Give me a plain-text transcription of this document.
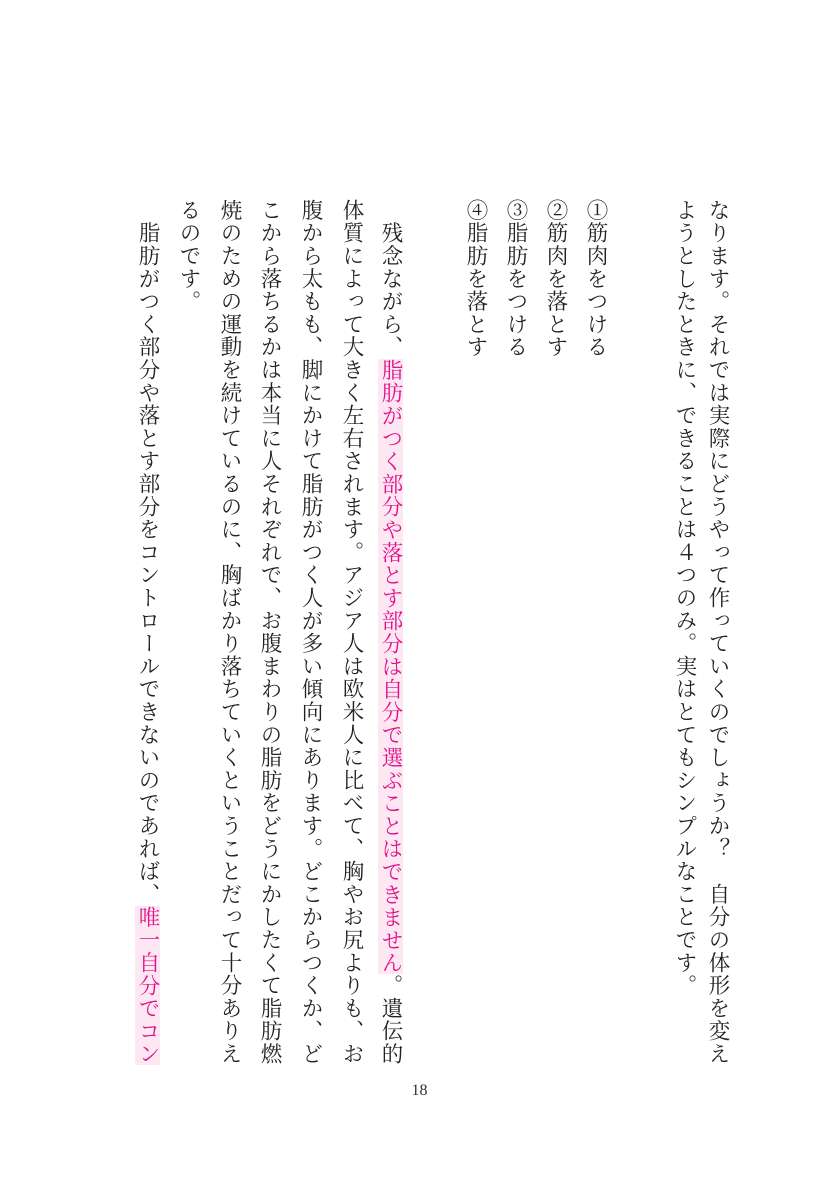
なります。それでは実際にどうやって作っていくのでしょうか？　自分の体形を変え
ようとしたときに、できることは４つのみ。実はとてもシンプルなことです。
①筋肉をつける
②筋肉を落とす
③脂肪をつける
④脂肪を落とす
　残念ながら、脂肪がつく部分や落とす部分は自分で選ぶことはできません。遺伝的
体質によって大きく左右されます。アジア人は欧米人に比べて、胸やお尻よりも、お
腹から太もも、脚にかけて脂肪がつく人が多い傾向にあります。どこからつくか、ど
こから落ちるかは本当に人それぞれで、お腹まわりの脂肪をどうにかしたくて脂肪燃
焼のための運動を続けているのに、胸ばかり落ちていくということだって十分ありえ
るのです。
　脂肪がつく部分や落とす部分をコントロールできないのであれば、唯一自分でコン
18
